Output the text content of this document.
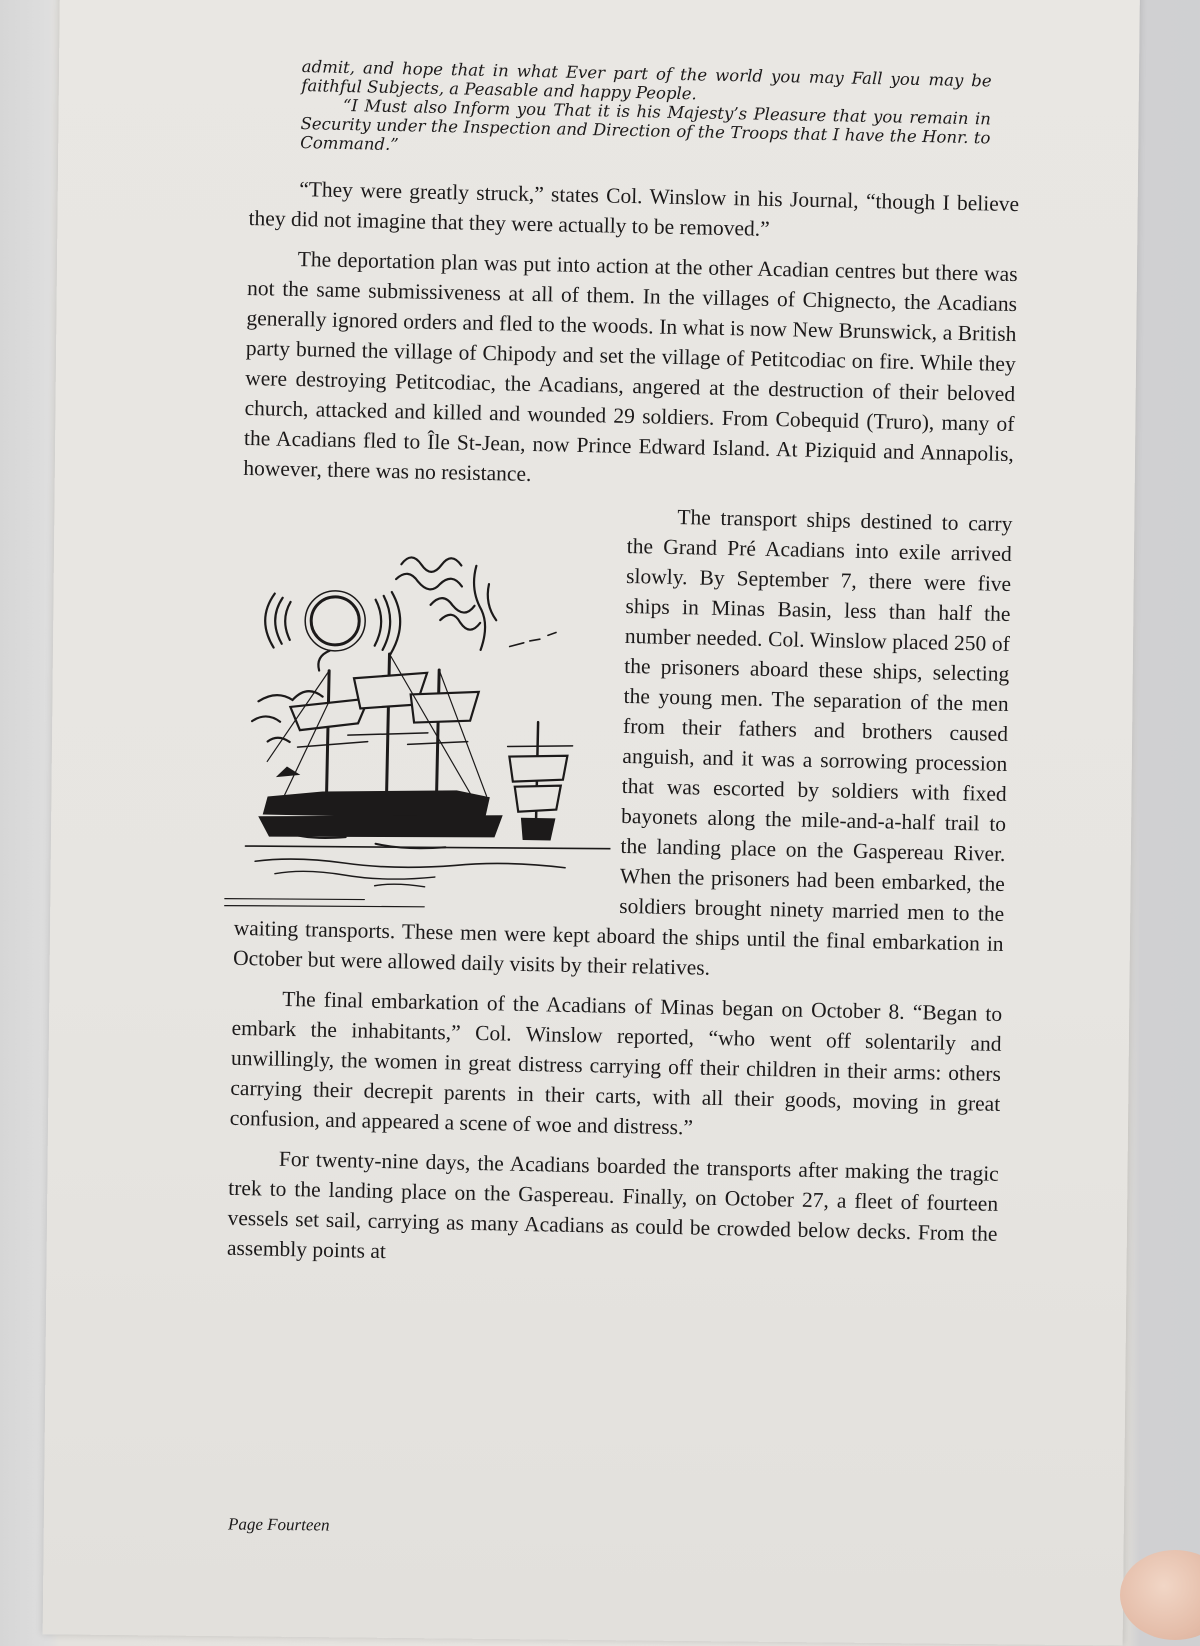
admit, and hope that in what Ever part of the world you may Fall you may be faithful Subjects, a Peasable and happy People.

“I Must also Inform you That it is his Majesty’s Pleasure that you remain in Security under the Inspection and Direction of the Troops that I have the Honr. to Command.”

“They were greatly struck,” states Col. Winslow in his Journal, “though I believe they did not imagine that they were actually to be removed.”

The deportation plan was put into action at the other Acadian centres but there was not the same submissiveness at all of them. In the villages of Chignecto, the Acadians generally ignored orders and fled to the woods. In what is now New Brunswick, a British party burned the village of Chipody and set the village of Petitcodiac on fire. While they were destroying Petitcodiac, the Acadians, angered at the destruction of their beloved church, attacked and killed and wounded 29 soldiers. From Cobequid (Truro), many of the Acadians fled to Île St-Jean, now Prince Edward Island. At Piziquid and Annapolis, however, there was no resistance.

The transport ships destined to carry the Grand Pré Acadians into exile arrived slowly. By September 7, there were five ships in Minas Basin, less than half the number needed. Col. Winslow placed 250 of the prisoners aboard these ships, selecting the young men. The separation of the men from their fathers and brothers caused anguish, and it was a sorrowing procession that was escorted by soldiers with fixed bayonets along the mile-and-a-half trail to the landing place on the Gaspereau River. When the prisoners had been embarked, the soldiers brought ninety married men to the waiting transports. These men were kept aboard the ships until the final embarkation in October but were allowed daily visits by their relatives.

The final embarkation of the Acadians of Minas began on October 8. “Began to embark the inhabitants,” Col. Winslow reported, “who went off solentarily and unwillingly, the women in great distress carrying off their children in their arms: others carrying their decrepit parents in their carts, with all their goods, moving in great confusion, and appeared a scene of woe and distress.”

For twenty-nine days, the Acadians boarded the transports after making the tragic trek to the landing place on the Gaspereau. Finally, on October 27, a fleet of fourteen vessels set sail, carrying as many Acadians as could be crowded below decks. From the assembly points at

Page Fourteen
